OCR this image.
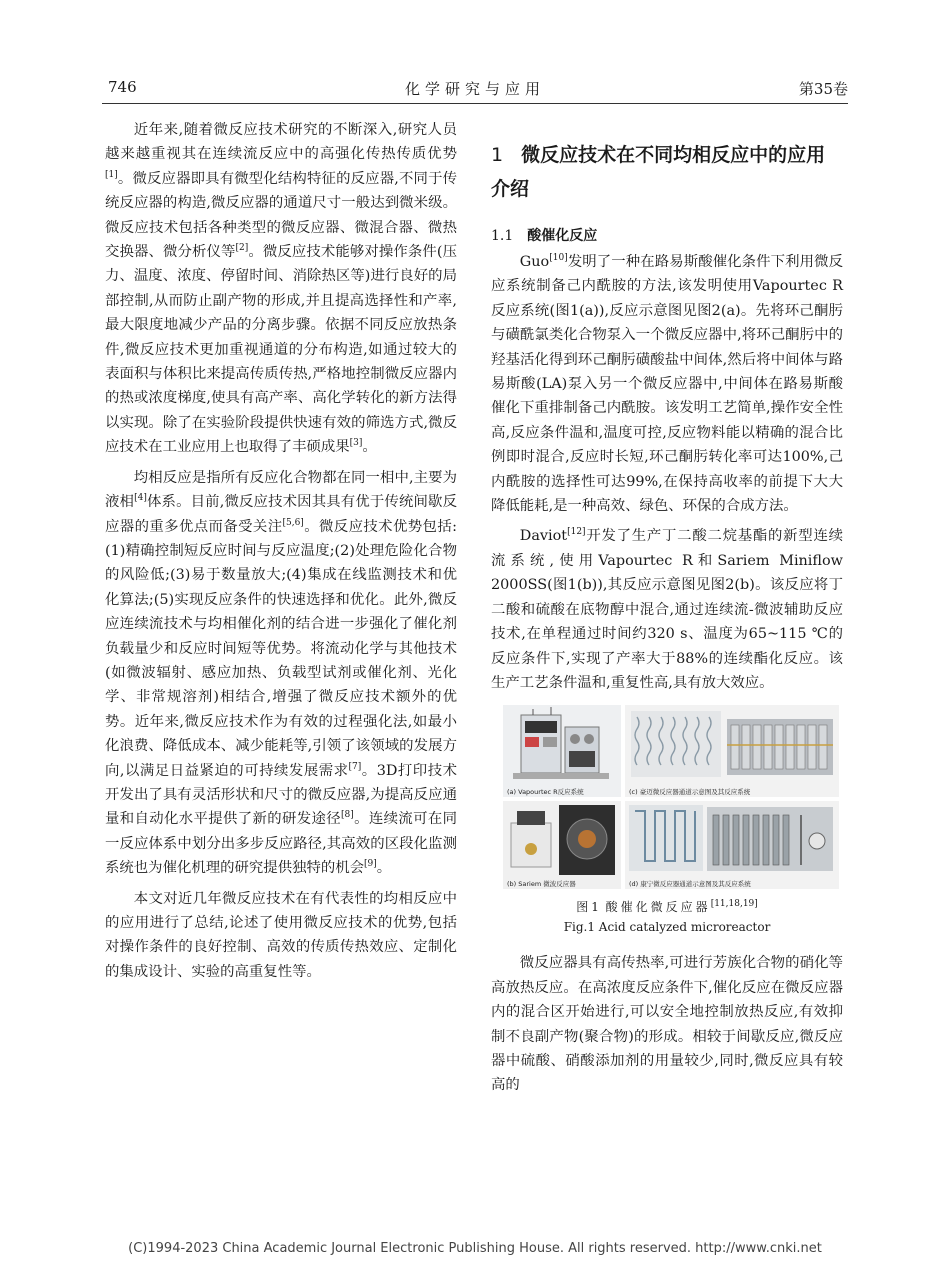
746	化学研究与应用	第35卷

近年来,随着微反应技术研究的不断深入,研究人员越来越重视其在连续流反应中的高强化传热传质优势[1]。微反应器即具有微型化结构特征的反应器,不同于传统反应器的构造,微反应器的通道尺寸一般达到微米级。微反应技术包括各种类型的微反应器、微混合器、微热交换器、微分析仪等[2]。微反应技术能够对操作条件(压力、温度、浓度、停留时间、消除热区等)进行良好的局部控制,从而防止副产物的形成,并且提高选择性和产率,最大限度地减少产品的分离步骤。依据不同反应放热条件,微反应技术更加重视通道的分布构造,如通过较大的表面积与体积比来提高传质传热,严格地控制微反应器内的热或浓度梯度,使具有高产率、高化学转化的新方法得以实现。除了在实验阶段提供快速有效的筛选方式,微反应技术在工业应用上也取得了丰硕成果[3]。

均相反应是指所有反应化合物都在同一相中,主要为液相[4]体系。目前,微反应技术因其具有优于传统间歇反应器的重多优点而备受关注[5,6]。微反应技术优势包括:(1)精确控制短反应时间与反应温度;(2)处理危险化合物的风险低;(3)易于数量放大;(4)集成在线监测技术和优化算法;(5)实现反应条件的快速选择和优化。此外,微反应连续流技术与均相催化剂的结合进一步强化了催化剂负载量少和反应时间短等优势。将流动化学与其他技术(如微波辐射、感应加热、负载型试剂或催化剂、光化学、非常规溶剂)相结合,增强了微反应技术额外的优势。近年来,微反应技术作为有效的过程强化法,如最小化浪费、降低成本、减少能耗等,引领了该领域的发展方向,以满足日益紧迫的可持续发展需求[7]。3D打印技术开发出了具有灵活形状和尺寸的微反应器,为提高反应通量和自动化水平提供了新的研发途径[8]。连续流可在同一反应体系中划分出多步反应路径,其高效的区段化监测系统也为催化机理的研究提供独特的机会[9]。

本文对近几年微反应技术在有代表性的均相反应中的应用进行了总结,论述了使用微反应技术的优势,包括对操作条件的良好控制、高效的传质传热效应、定制化的集成设计、实验的高重复性等。

1 微反应技术在不同均相反应中的应用介绍
1.1 酸催化反应

Guo[10]发明了一种在路易斯酸催化条件下利用微反应系统制备己内酰胺的方法,该发明使用Vapourtec R反应系统(图1(a)),反应示意图见图2(a)。先将环己酮肟与磺酰氯类化合物泵入一个微反应器中,将环己酮肟中的羟基活化得到环己酮肟磺酸盐中间体,然后将中间体与路易斯酸(LA)泵入另一个微反应器中,中间体在路易斯酸催化下重排制备己内酰胺。该发明工艺简单,操作安全性高,反应条件温和,温度可控,反应物料能以精确的混合比例即时混合,反应时长短,环己酮肟转化率可达100%,己内酰胺的选择性可达99%,在保持高收率的前提下大大降低能耗,是一种高效、绿色、环保的合成方法。

Daviot[12]开发了生产丁二酸二烷基酯的新型连续流系统,使用Vapourtec R和Sariem Miniflow 2000SS(图1(b)),其反应示意图见图2(b)。该反应将丁二酸和硫酸在底物醇中混合,通过连续流-微波辅助反应技术,在单程通过时间约320 s、温度为65~115 ℃的反应条件下,实现了产率大于88%的连续酯化反应。该生产工艺条件温和,重复性高,具有放大效应。

(a) Vapourtec R反应系统	(c) 豪迈微反应器通道示意图及其反应系统
(b) Sariem 微波反应器	(d) 康宁微反应器通道示意图及其反应系统
图1 酸催化微反应器[11,18,19]
Fig.1 Acid catalyzed microreactor

微反应器具有高传热率,可进行芳族化合物的硝化等高放热反应。在高浓度反应条件下,催化反应在微反应器内的混合区开始进行,可以安全地控制放热反应,有效抑制不良副产物(聚合物)的形成。相较于间歇反应,微反应器中硫酸、硝酸添加剂的用量较少,同时,微反应具有较高的

(C)1994-2023 China Academic Journal Electronic Publishing House. All rights reserved. http://www.cnki.net
